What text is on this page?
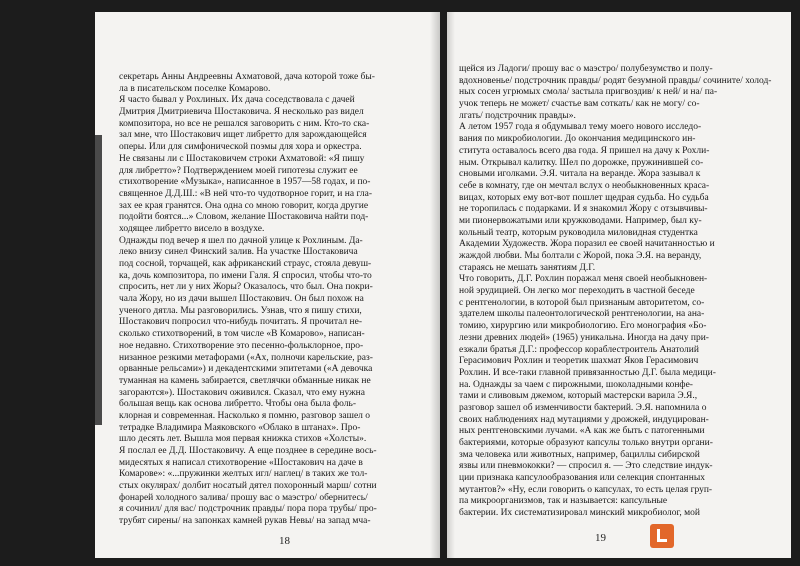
секретарь Анны Андреевны Ахматовой, дача которой тоже бы-
ла в писательском поселке Комарово.
Я часто бывал у Рохлиных. Их дача соседствовала с дачей
Дмитрия Дмитриевича Шостаковича. Я несколько раз видел
композитора, но все не решался заговорить с ним. Кто-то ска-
зал мне, что Шостакович ищет либретто для зарождающейся
оперы. Или для симфонической поэмы для хора и оркестра.
Не связаны ли с Шостаковичем строки Ахматовой: «Я пишу
для либретто»? Подтверждением моей гипотезы служит ее
стихотворение «Музыка», написанное в 1957—58 годах, и по-
священное Д.Д.Ш.: «В ней что-то чудотворное горит, и на гла-
зах ее края гранятся. Она одна со мною говорит, когда другие
подойти боятся...» Словом, желание Шостаковича найти под-
ходящее либретто висело в воздухе.
Однажды под вечер я шел по дачной улице к Рохлиным. Да-
леко внизу синел Финский залив. На участке Шостаковича
под сосной, торчащей, как африканский страус, стояла девуш-
ка, дочь композитора, по имени Галя. Я спросил, чтобы что-то
спросить, нет ли у них Жоры? Оказалось, что был. Она покри-
чала Жору, но из дачи вышел Шостакович. Он был похож на
ученого дятла. Мы разговорились. Узнав, что я пишу стихи,
Шостакович попросил что-нибудь почитать. Я прочитал не-
сколько стихотворений, в том числе «В Комарово», написан-
ное недавно. Стихотворение это песенно-фольклорное, про-
низанное резкими метафорами («Ах, полночи карельские, раз-
орванные рельсами») и декадентскими эпитетами («А девочка
туманная на камень забирается, светлячки обманные никак не
загораются»). Шостакович оживился. Сказал, что ему нужна
большая вещь как основа либретто. Чтобы она была фоль-
клорная и современная. Насколько я помню, разговор зашел о
тетрадке Владимира Маяковского «Облако в штанах». Про-
шло десять лет. Вышла моя первая книжка стихов «Холсты».
Я послал ее Д.Д. Шостаковичу. А еще позднее в середине вось-
мидесятых я написал стихотворение «Шостакович на даче в
Комарове»: «...пружинки желтых игл/ наглец/ в таких же тол-
стых окулярах/ долбит носатый дятел похоронный марш/ сотни
фонарей холодного залива/ прошу вас о маэстро/ обернитесь/
я сочинил/ для вас/ подстрочник правды/ пора пора трубы/ про-
трубят сирены/ на запонках камней рукав Невы/ на запад мча-
18
щейся из Ладоги/ прошу вас о маэстро/ полубезумство и полу-
вдохновенье/ подстрочник правды/ родят безумной правды/ сочините/ холод-
ных сосен угрюмых смола/ застыла пригвоздив/ к ней/ и на/ па-
учок теперь не может/ счастье вам соткать/ как не могу/ со-
лгать/ подстрочник правды».
А летом 1957 года я обдумывал тему моего нового исследо-
вания по микробиологии. До окончания медицинского ин-
ститута оставалось всего два года. Я пришел на дачу к Рохли-
ным. Открывал калитку. Шел по дорожке, пружинившей со-
сновыми иголками. Э.Я. читала на веранде. Жора зазывал к
себе в комнату, где он мечтал вслух о необыкновенных красa-
вицах, которых ему вот-вот пошлет щедрая судьба. Но судьба
не торопилась с подарками. И я знакомил Жору с отзывчивы-
ми пионервожатыми или кружководами. Например, был ку-
кольный театр, которым руководила миловидная студентка
Академии Художеств. Жора поразил ее своей начитанностью и
жаждой любви. Мы болтали с Жорой, пока Э.Я. на веранду,
стараясь не мешать занятиям Д.Г.
Что говорить, Д.Г. Рохлин поражал меня своей необыкновен-
ной эрудицией. Он легко мог переходить в частной беседе
с рентгенологии, в которой был признаным авторитетом, со-
здателем школы палеонтологической рентгенологии, на ана-
томию, хирургию или микробиологию. Его монография «Бо-
лезни древних людей» (1965) уникальна. Иногда на дачу при-
езжали братья Д.Г.: профессор кораблестроитель Анатолий
Герасимович Рохлин и теоретик шахмат Яков Герасимович
Рохлин. И все-таки главной привязанностью Д.Г. была медици-
на. Однажды за чаем с пирожными, шоколадными конфе-
тами и сливовым джемом, который мастерски варила Э.Я.,
разговор зашел об изменчивости бактерий. Э.Я. напомнила о
своих наблюдениях над мутациями у дрожжей, индуцирован-
ных рентгеновскими лучами. «А как же быть с патогенными
бактериями, которые образуют капсулы только внутри органи-
зма человека или животных, например, бациллы сибирской
язвы или пневмококки? — спросил я. — Это следствие индук-
ции признака капсулообразования или селекция спонтанных
мутантов?» «Ну, если говорить о капсулах, то есть целая груп-
па микроорганизмов, так и называется: капсульные
бактерии. Их систематизировал минский микробиолог, мой
19
